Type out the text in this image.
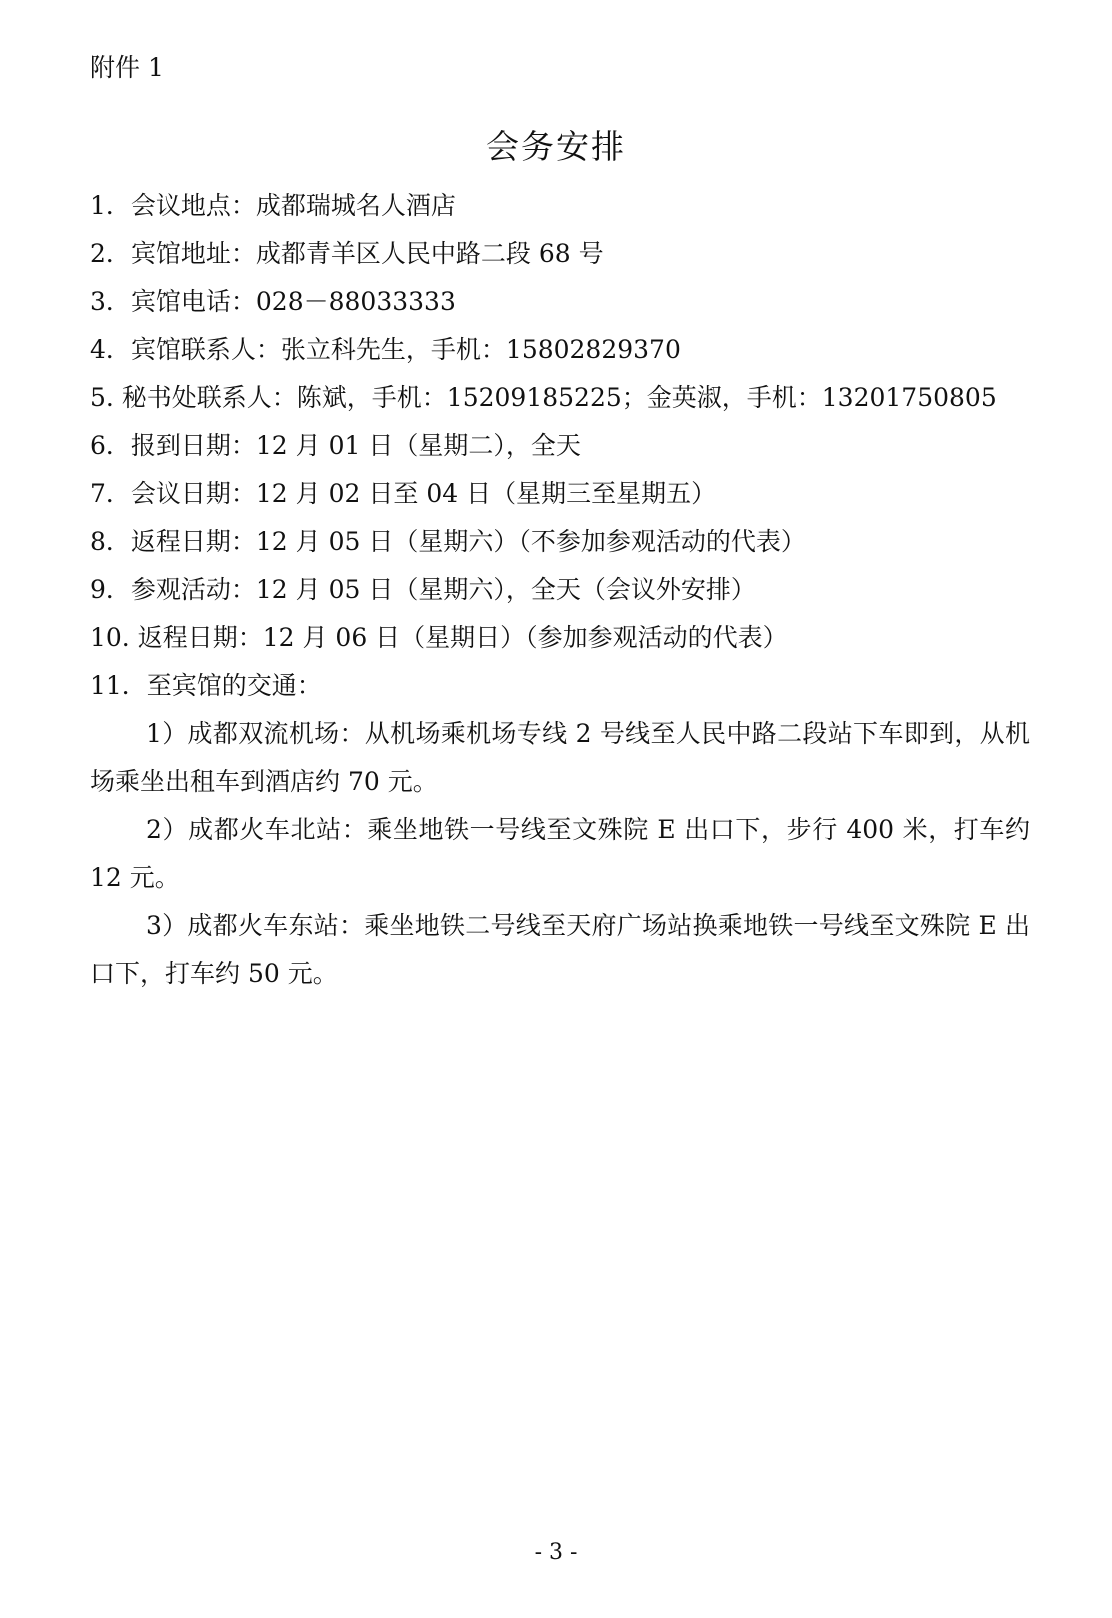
附件 1
会务安排
1．会议地点：成都瑞城名人酒店
2．宾馆地址：成都青羊区人民中路二段 68 号
3．宾馆电话：028－88033333
4．宾馆联系人：张立科先生，手机：15802829370
5. 秘书处联系人：陈斌，手机：15209185225；金英淑，手机：13201750805
6．报到日期：12 月 01 日（星期二），全天
7．会议日期：12 月 02 日至 04 日（星期三至星期五）
8．返程日期：12 月 05 日（星期六）（不参加参观活动的代表）
9．参观活动：12 月 05 日（星期六），全天（会议外安排）
10. 返程日期：12 月 06 日（星期日）（参加参观活动的代表）
11．至宾馆的交通：
1）成都双流机场：从机场乘机场专线 2 号线至人民中路二段站下车即到，从机场乘坐出租车到酒店约 70 元。
2）成都火车北站：乘坐地铁一号线至文殊院 E 出口下，步行 400 米，打车约 12 元。
3）成都火车东站：乘坐地铁二号线至天府广场站换乘地铁一号线至文殊院 E 出口下，打车约 50 元。
- 3 -
